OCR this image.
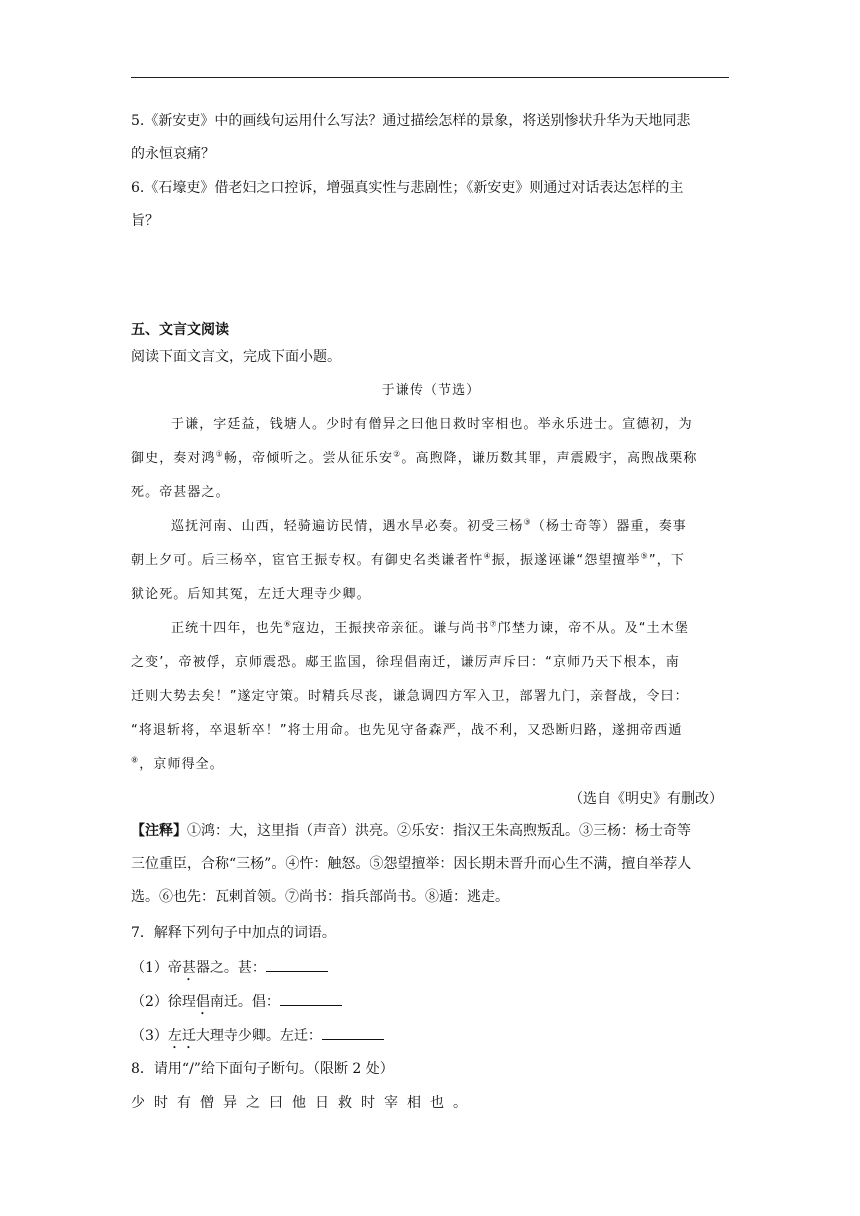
5.《新安吏》中的画线句运用什么写法？通过描绘怎样的景象，将送别惨状升华为天地同悲
的永恒哀痛？
6.《石壕吏》借老妇之口控诉，增强真实性与悲剧性；《新安吏》则通过对话表达怎样的主
旨？
五、文言文阅读
阅读下面文言文，完成下面小题。
于谦传（节选）
于谦，字廷益，钱塘人。少时有僧异之曰他日救时宰相也。举永乐进士。宣德初，为
御史，奏对鸿①畅，帝倾听之。尝从征乐安②。高煦降，谦历数其罪，声震殿宇，高煦战栗称
死。帝甚器之。
巡抚河南、山西，轻骑遍访民情，遇水旱必奏。初受三杨③（杨士奇等）器重，奏事
朝上夕可。后三杨卒，宦官王振专权。有御史名类谦者忤④振，振遂诬谦“怨望擅举⑤”，下
狱论死。后知其冤，左迁大理寺少卿。
正统十四年，也先⑥寇边，王振挟帝亲征。谦与尚书⑦邝埜力谏，帝不从。及“土木堡
之变’，帝被俘，京师震恐。郕王监国，徐珵倡南迁，谦厉声斥曰：“京师乃天下根本，南
迁则大势去矣！”遂定守策。时精兵尽丧，谦急调四方军入卫，部署九门，亲督战，令曰：
“将退斩将，卒退斩卒！”将士用命。也先见守备森严，战不利，又恐断归路，遂拥帝西遁
⑧，京师得全。
（选自《明史》有删改）
【注释】①鸿：大，这里指（声音）洪亮。②乐安：指汉王朱高煦叛乱。③三杨：杨士奇等
三位重臣，合称“三杨”。④忤：触怒。⑤怨望擅举：因长期未晋升而心生不满，擅自举荐人
选。⑥也先：瓦剌首领。⑦尚书：指兵部尚书。⑧遁：逃走。
7．解释下列句子中加点的词语。
（1）帝甚器之。甚：
（2）徐珵倡南迁。倡：
（3）左迁大理寺少卿。左迁：
8．请用“/”给下面句子断句。（限断 2 处）
少时有僧异之曰他日救时宰相也。
